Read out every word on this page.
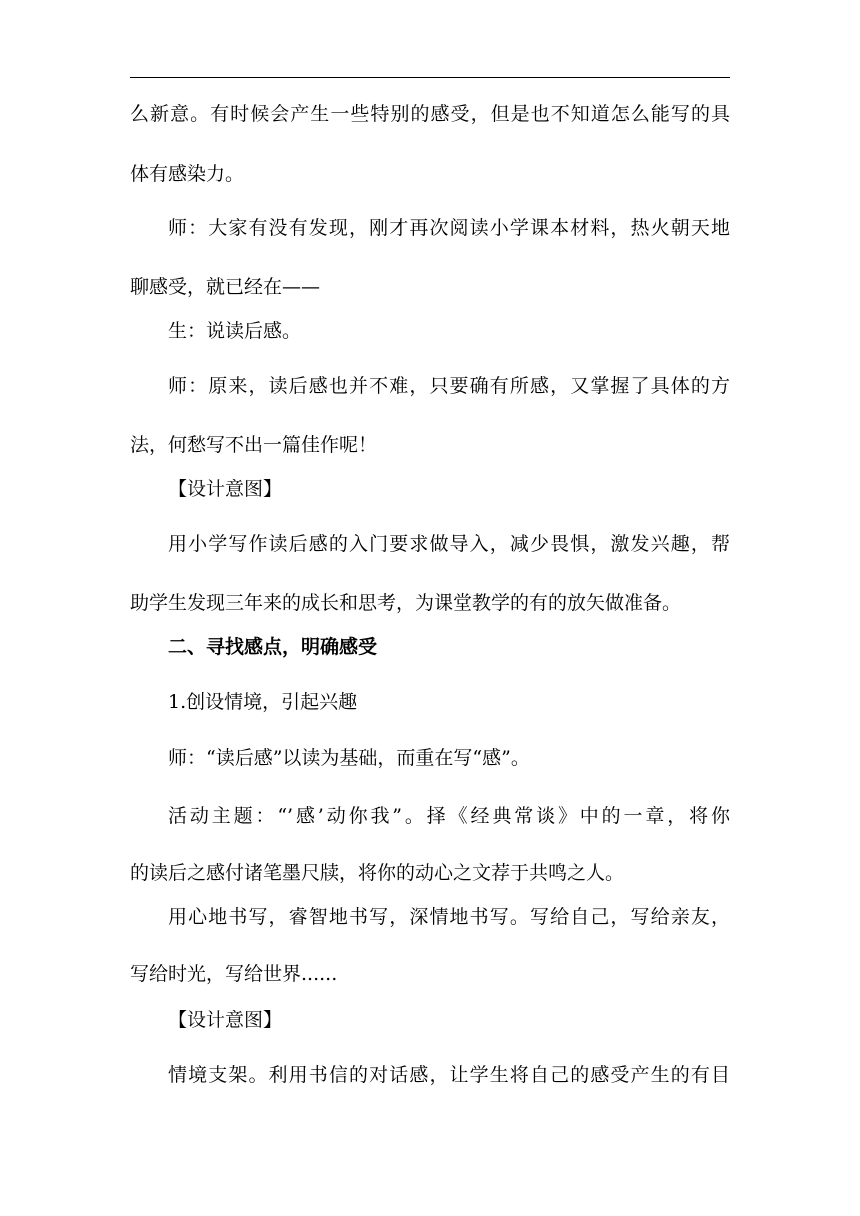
么新意。有时候会产生一些特别的感受，但是也不知道怎么能写的具
体有感染力。
师：大家有没有发现，刚才再次阅读小学课本材料，热火朝天地
聊感受，就已经在——
生：说读后感。
师：原来，读后感也并不难，只要确有所感，又掌握了具体的方
法，何愁写不出一篇佳作呢！
【设计意图】
用小学写作读后感的入门要求做导入，减少畏惧，激发兴趣，帮
助学生发现三年来的成长和思考，为课堂教学的有的放矢做准备。
二、寻找感点，明确感受
1.创设情境，引起兴趣
师：“读后感”以读为基础，而重在写“感”。
活动主题：“’感’动你我”。择《经典常谈》中的一章，将你
的读后之感付诸笔墨尺牍，将你的动心之文荐于共鸣之人。
用心地书写，睿智地书写，深情地书写。写给自己，写给亲友，
写给时光，写给世界......
【设计意图】
情境支架。利用书信的对话感，让学生将自己的感受产生的有目
